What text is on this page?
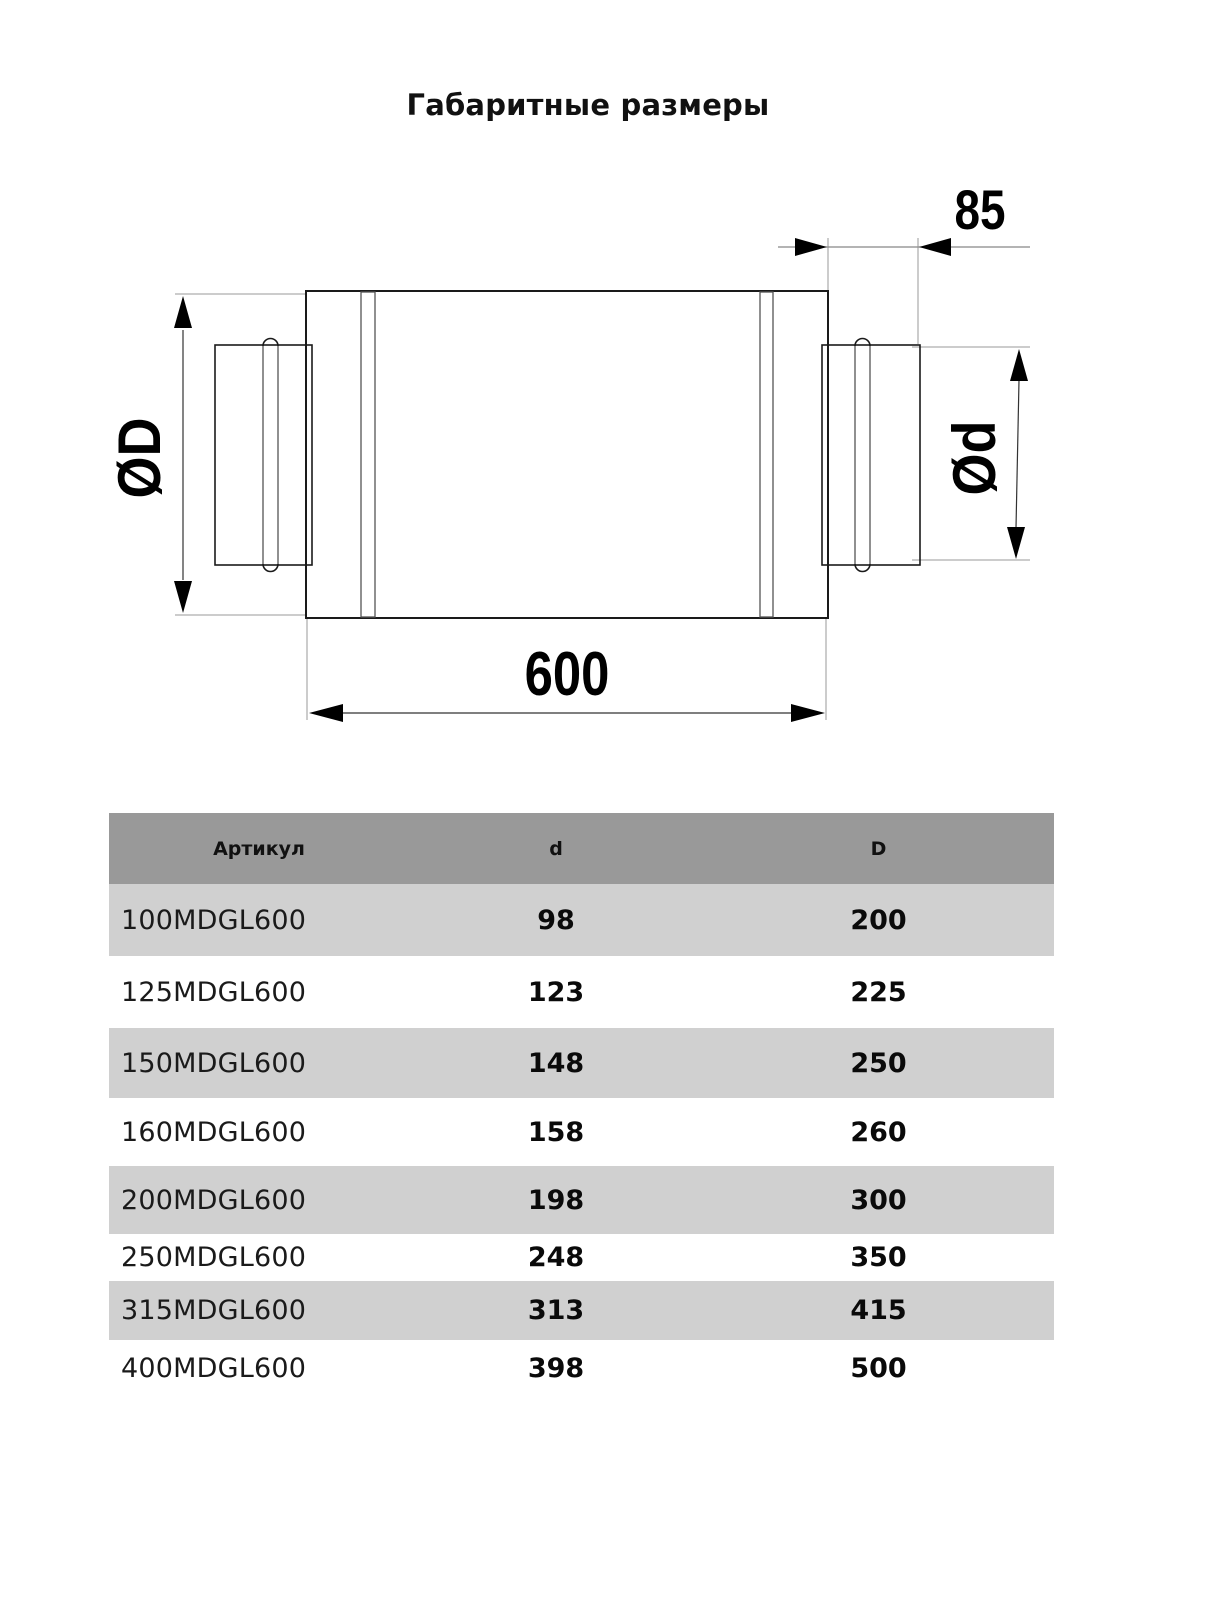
Габаритные размеры
85
600
ØD	Ød
Артикул	d	D
100MDGL600	98	200
125MDGL600	123	225
150MDGL600	148	250
160MDGL600	158	260
200MDGL600	198	300
250MDGL600	248	350
315MDGL600	313	415
400MDGL600	398	500
